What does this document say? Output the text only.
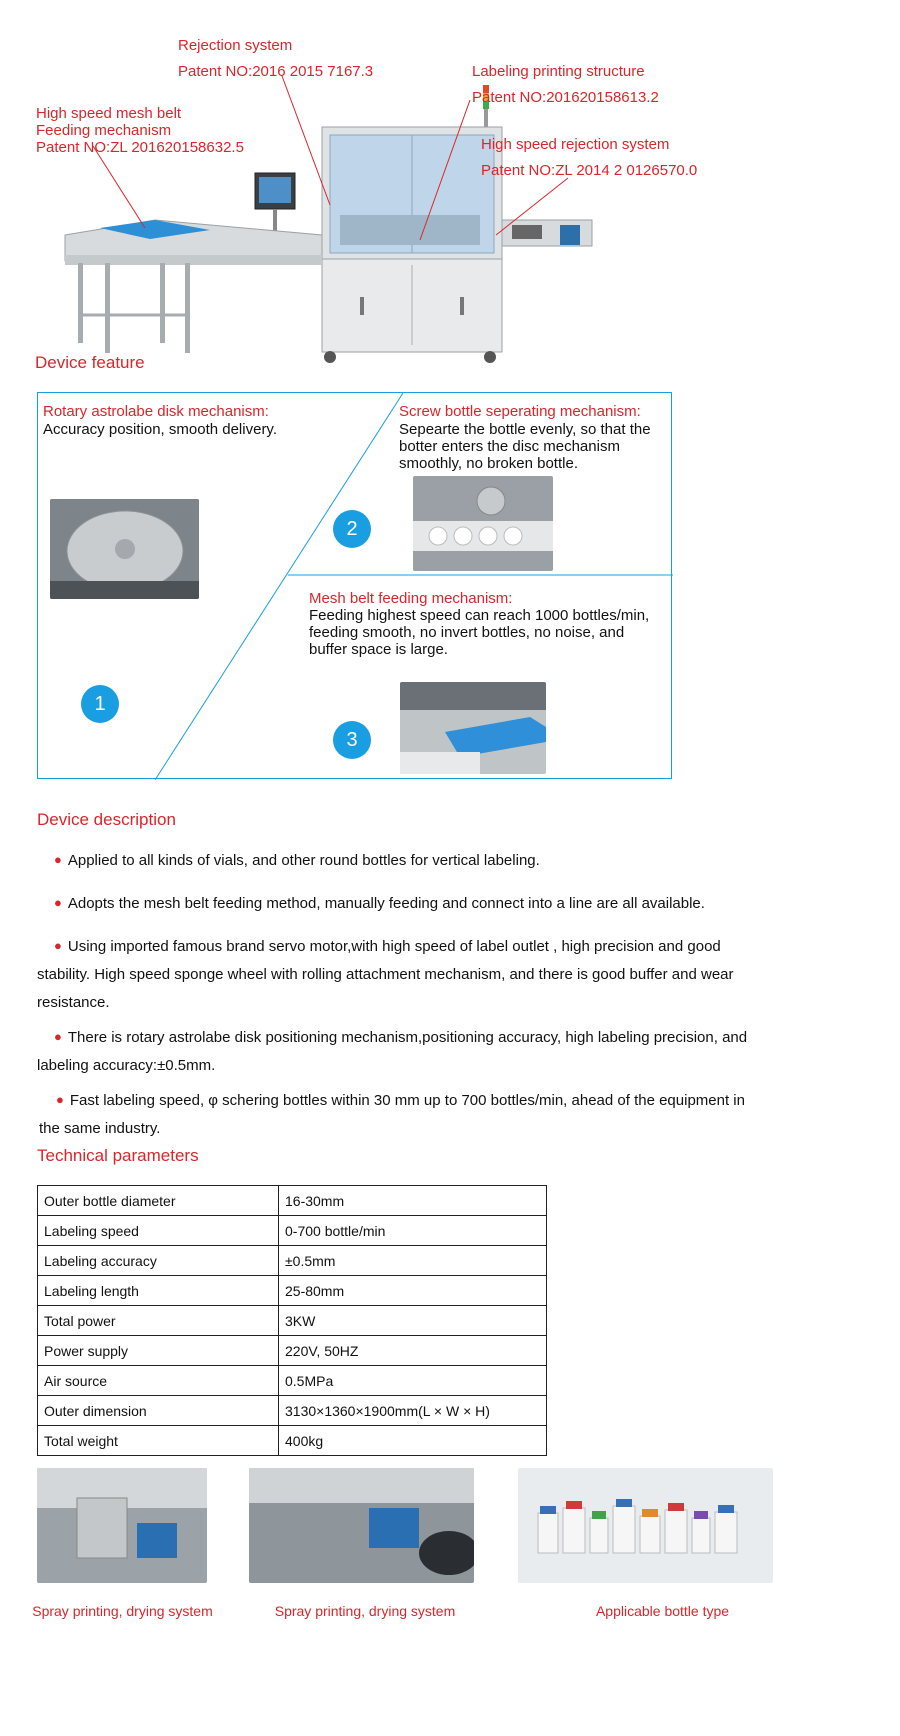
Rejection system
Patent NO:2016 2015 7167.3	Labeling printing structure
Patent NO:201620158613.2
High speed mesh belt
Feeding mechanism
Patent NO:ZL 201620158632.5	High speed rejection system
Patent NO:ZL 2014 2 0126570.0
Device feature
Rotary astrolabe disk mechanism:
Accuracy position, smooth delivery.
1
Screw bottle seperating mechanism:
Sepearte the bottle evenly, so that the
botter enters the disc mechanism
smoothly, no broken bottle.
2
Mesh belt feeding mechanism:
Feeding highest speed can reach 1000 bottles/min,
feeding smooth, no invert bottles, no noise, and
buffer space is large.
3
Device description
● Applied to all kinds of vials, and other round bottles for vertical labeling.
● Adopts the mesh belt feeding method, manually feeding and connect into a line are all available.
● Using imported famous brand servo motor,with high speed of label outlet , high precision and good
stability. High speed sponge wheel with rolling attachment mechanism, and there is good buffer and wear
resistance.
● There is rotary astrolabe disk positioning mechanism,positioning accuracy, high labeling precision, and
labeling accuracy:±0.5mm.
● Fast labeling speed, φ schering bottles within 30 mm up to 700 bottles/min, ahead of the equipment in
the same industry.
Technical parameters
Outer bottle diameter	16-30mm
Labeling speed	0-700 bottle/min
Labeling accuracy	±0.5mm
Labeling length	25-80mm
Total power	3KW
Power supply	220V, 50HZ
Air source	0.5MPa
Outer dimension	3130×1360×1900mm(L × W × H)
Total weight	400kg
Spray printing, drying system	Spray printing, drying system	Applicable bottle type
